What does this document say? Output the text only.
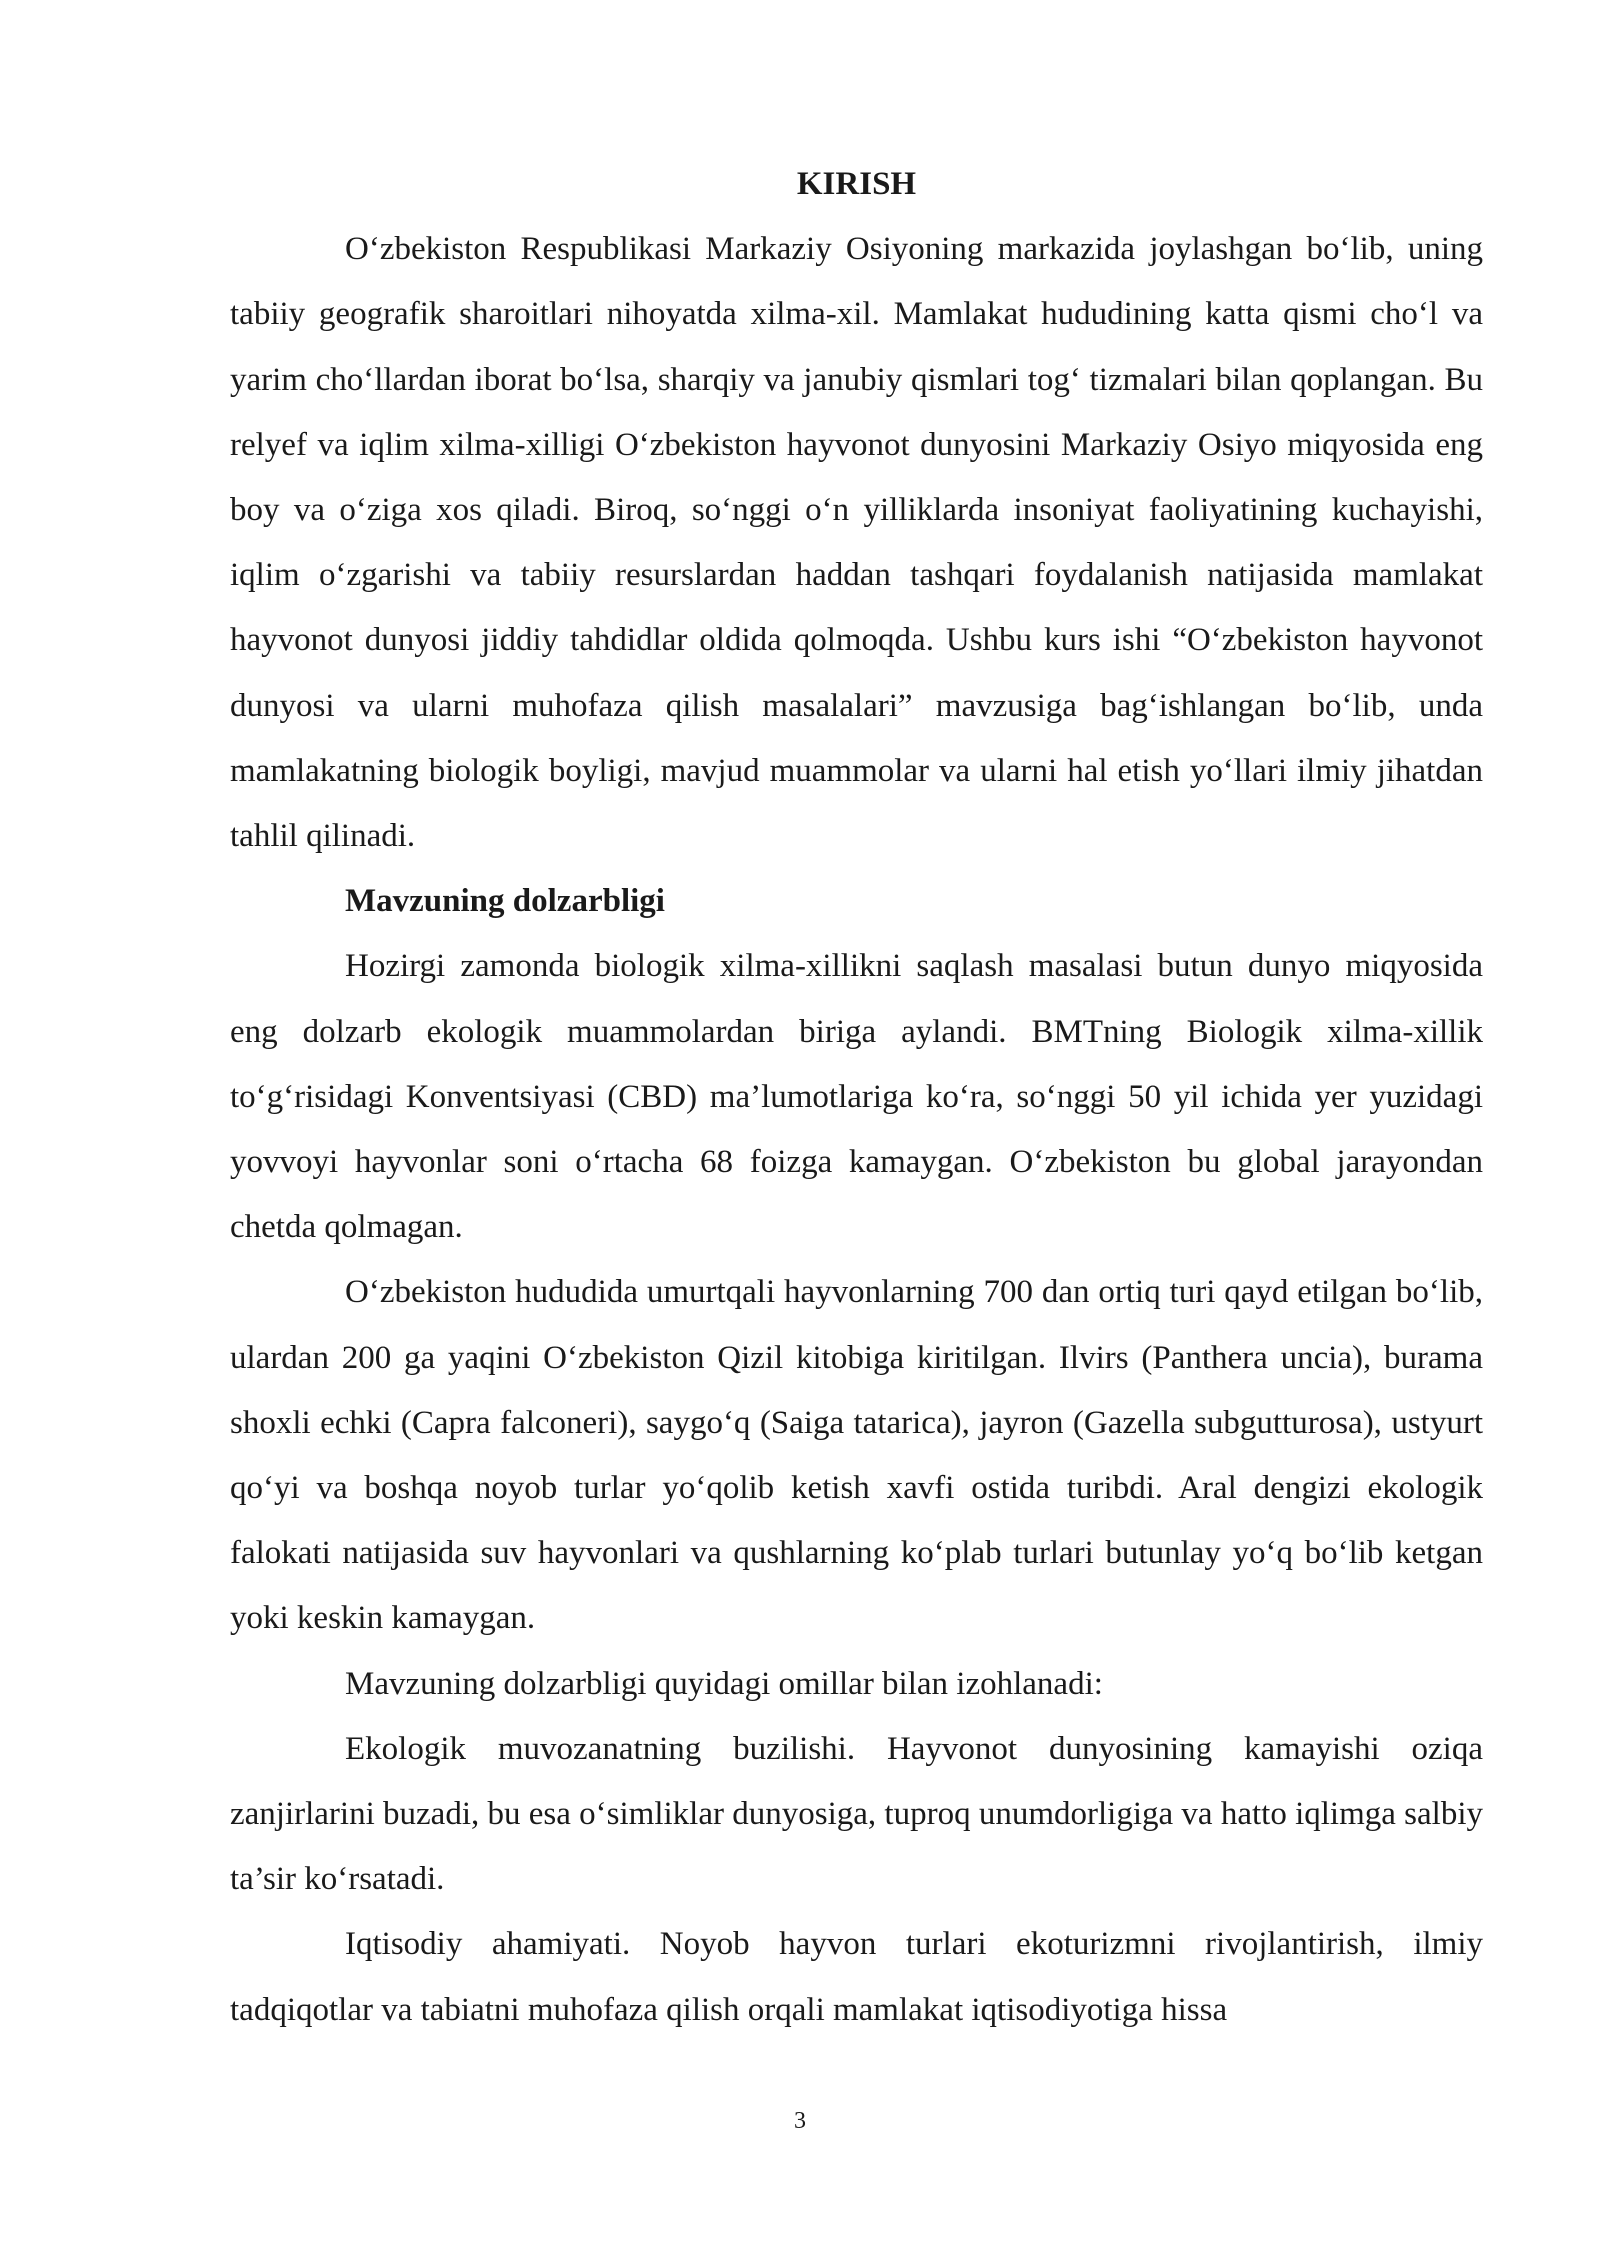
KIRISH

O‘zbekiston Respublikasi Markaziy Osiyoning markazida joylashgan bo‘lib, uning tabiiy geografik sharoitlari nihoyatda xilma-xil. Mamlakat hududining katta qismi cho‘l va yarim cho‘llardan iborat bo‘lsa, sharqiy va janubiy qismlari tog‘ tizmalari bilan qoplangan. Bu relyef va iqlim xilma-xilligi O‘zbekiston hayvonot dunyosini Markaziy Osiyo miqyosida eng boy va o‘ziga xos qiladi. Biroq, so‘nggi o‘n yilliklarda insoniyat faoliyatining kuchayishi, iqlim o‘zgarishi va tabiiy resurslardan haddan tashqari foydalanish natijasida mamlakat hayvonot dunyosi jiddiy tahdidlar oldida qolmoqda. Ushbu kurs ishi “O‘zbekiston hayvonot dunyosi va ularni muhofaza qilish masalalari” mavzusiga bag‘ishlangan bo‘lib, unda mamlakatning biologik boyligi, mavjud muammolar va ularni hal etish yo‘llari ilmiy jihatdan tahlil qilinadi.

Mavzuning dolzarbligi

Hozirgi zamonda biologik xilma-xillikni saqlash masalasi butun dunyo miqyosida eng dolzarb ekologik muammolardan biriga aylandi. BMTning Biologik xilma-xillik to‘g‘risidagi Konventsiyasi (CBD) ma’lumotlariga ko‘ra, so‘nggi 50 yil ichida yer yuzidagi yovvoyi hayvonlar soni o‘rtacha 68 foizga kamaygan. O‘zbekiston bu global jarayondan chetda qolmagan.

O‘zbekiston hududida umurtqali hayvonlarning 700 dan ortiq turi qayd etilgan bo‘lib, ulardan 200 ga yaqini O‘zbekiston Qizil kitobiga kiritilgan. Ilvirs (Panthera uncia), burama shoxli echki (Capra falconeri), saygo‘q (Saiga tatarica), jayron (Gazella subgutturosa), ustyurt qo‘yi va boshqa noyob turlar yo‘qolib ketish xavfi ostida turibdi. Aral dengizi ekologik falokati natijasida suv hayvonlari va qushlarning ko‘plab turlari butunlay yo‘q bo‘lib ketgan yoki keskin kamaygan.

Mavzuning dolzarbligi quyidagi omillar bilan izohlanadi:

Ekologik muvozanatning buzilishi. Hayvonot dunyosining kamayishi oziqa zanjirlarini buzadi, bu esa o‘simliklar dunyosiga, tuproq unumdorligiga va hatto iqlimga salbiy ta’sir ko‘rsatadi.

Iqtisodiy ahamiyati. Noyob hayvon turlari ekoturizmni rivojlantirish, ilmiy tadqiqotlar va tabiatni muhofaza qilish orqali mamlakat iqtisodiyotiga hissa

3
